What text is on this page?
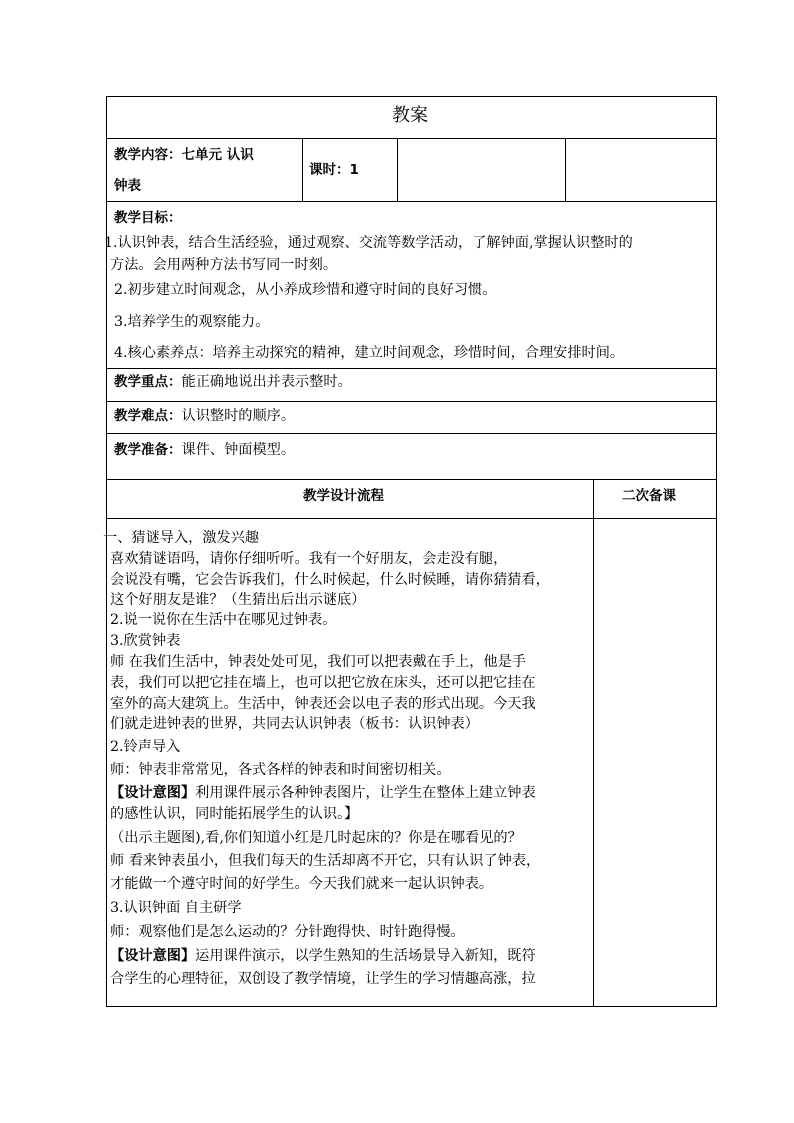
教案
教学内容：七单元 认识
钟表
课时：1
教学目标：
1.认识钟表，结合生活经验，通过观察、交流等数学活动，了解钟面,掌握认识整时的
方法。会用两种方法书写同一时刻。
2.初步建立时间观念，从小养成珍惜和遵守时间的良好习惯。
3.培养学生的观察能力。
4.核心素养点：培养主动探究的精神，建立时间观念，珍惜时间，合理安排时间。
教学重点：能正确地说出并表示整时。
教学难点：认识整时的顺序。
教学准备：课件、钟面模型。
教学设计流程	二次备课
一、猜谜导入，激发兴趣
喜欢猜谜语吗，请你仔细听听。我有一个好朋友，会走没有腿，
会说没有嘴，它会告诉我们，什么时候起，什么时候睡，请你猜猜看，
这个好朋友是谁？（生猜出后出示谜底）
2.说一说你在生活中在哪见过钟表。
3.欣赏钟表
师 在我们生活中，钟表处处可见，我们可以把表戴在手上，他是手
表，我们可以把它挂在墙上，也可以把它放在床头，还可以把它挂在
室外的高大建筑上。生活中，钟表还会以电子表的形式出现。今天我
们就走进钟表的世界，共同去认识钟表（板书：认识钟表）
2.铃声导入
师：钟表非常常见，各式各样的钟表和时间密切相关。
【设计意图】利用课件展示各种钟表图片，让学生在整体上建立钟表
的感性认识，同时能拓展学生的认识。】
（出示主题图),看,你们知道小红是几时起床的？你是在哪看见的？
师 看来钟表虽小，但我们每天的生活却离不开它，只有认识了钟表，
才能做一个遵守时间的好学生。今天我们就来一起认识钟表。
3.认识钟面 自主研学
师：观察他们是怎么运动的？分针跑得快、时针跑得慢。
【设计意图】运用课件演示，以学生熟知的生活场景导入新知，既符
合学生的心理特征，双创设了教学情境，让学生的学习情趣高涨，拉
